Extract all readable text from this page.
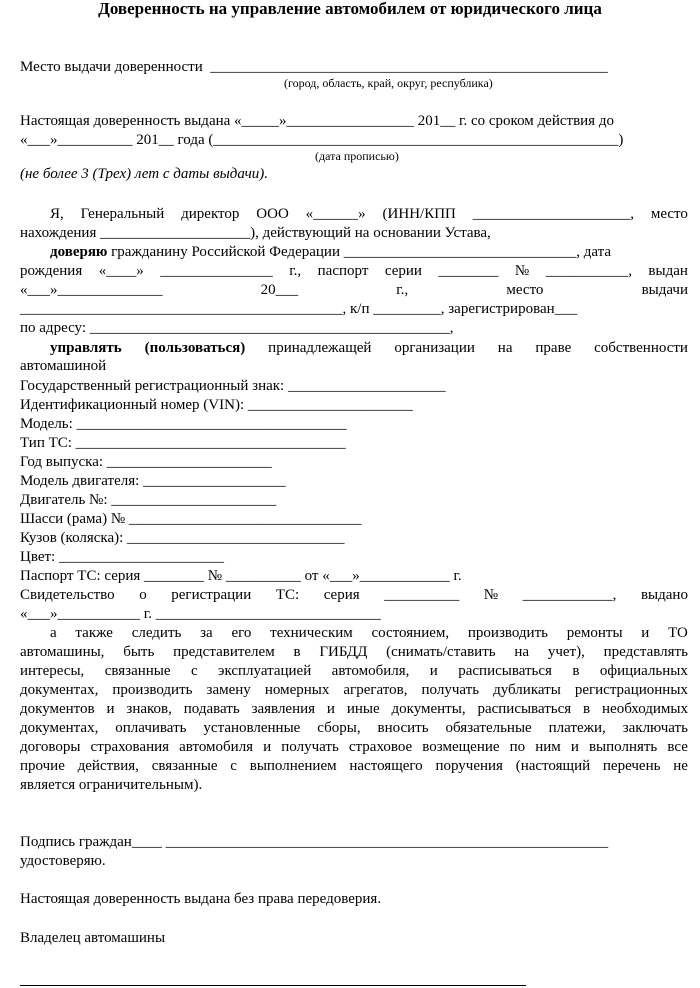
Доверенность на управление автомобилем от юридического лица
Место выдачи доверенности  _____________________________________________________
(город, область, край, округ, республика)
Настоящая доверенность выдана «_____»_________________ 201__ г. со сроком действия до
«___»__________ 201__ года (______________________________________________________)
(дата прописью)
(не более 3 (Трех) лет с даты выдачи).
Я, Генеральный директор ООО «______» (ИНН/КПП _____________________, место
нахождения ____________________), действующий на основании Устава,
доверяю гражданину Российской Федерации _______________________________, дата
рождения «____» _______________ г., паспорт серии ________ № ___________, выдан
«___»______________	20___	г.,	место	выдачи
___________________________________________, к/п _________, зарегистрирован___
по адресу: ________________________________________________,
управлять (пользоваться) принадлежащей организации на праве собственности
автомашиной
Государственный регистрационный знак: _____________________
Идентификационный номер (VIN): ______________________
Модель: ____________________________________
Тип ТС: ____________________________________
Год выпуска: ______________________
Модель двигателя: ___________________
Двигатель №: ______________________
Шасси (рама) № _______________________________
Кузов (коляска): _____________________________
Цвет: ______________________
Паспорт ТС: серия ________ № __________ от «___»____________ г.
Свидетельство о регистрации ТС: серия __________ № ____________, выдано
«___»___________ г. ______________________________
а также следить за его техническим состоянием, производить ремонты и ТО
автомашины, быть представителем в ГИБДД (снимать/ставить на учет), представлять
интересы, связанные с эксплуатацией автомобиля, и расписываться в официальных
документах, производить замену номерных агрегатов, получать дубликаты регистрационных
документов и знаков, подавать заявления и иные документы, расписываться в необходимых
документах, оплачивать установленные сборы, вносить обязательные платежи, заключать
договоры страхования автомобиля и получать страховое возмещение по ним и выполнять все
прочие действия, связанные с выполнением настоящего поручения (настоящий перечень не
является ограничительным).
Подпись граждан____ ___________________________________________________________
удостоверяю.
Настоящая доверенность выдана без права передоверия.
Владелец автомашины
